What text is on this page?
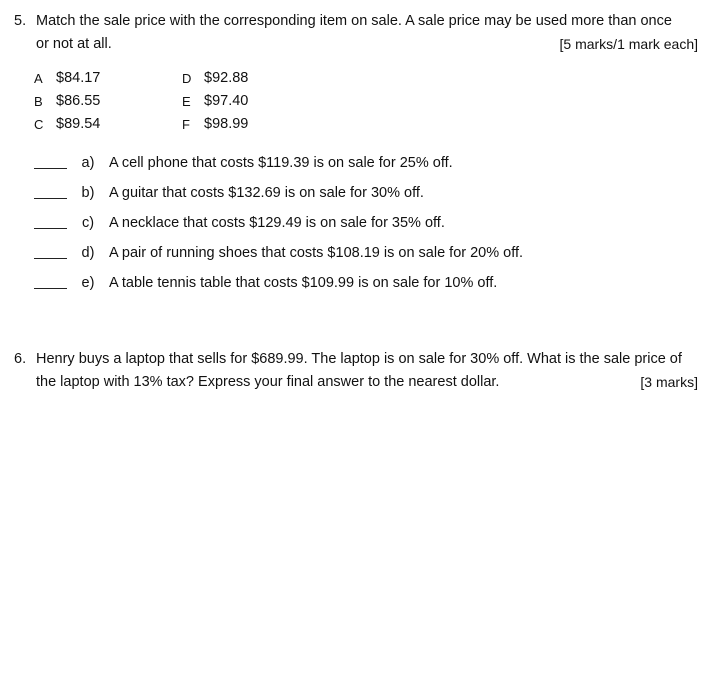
5. Match the sale price with the corresponding item on sale. A sale price may be used more than once
or not at all.	[5 marks/1 mark each]
A $84.17
B $86.55
C $89.54
D $92.88
E $97.40
F $98.99
a)	A cell phone that costs $119.39 is on sale for 25% off.
b)	A guitar that costs $132.69 is on sale for 30% off.
c)	A necklace that costs $129.49 is on sale for 35% off.
d)	A pair of running shoes that costs $108.19 is on sale for 20% off.
e)	A table tennis table that costs $109.99 is on sale for 10% off.
6. Henry buys a laptop that sells for $689.99. The laptop is on sale for 30% off. What is the sale price of
the laptop with 13% tax? Express your final answer to the nearest dollar.	[3 marks]
